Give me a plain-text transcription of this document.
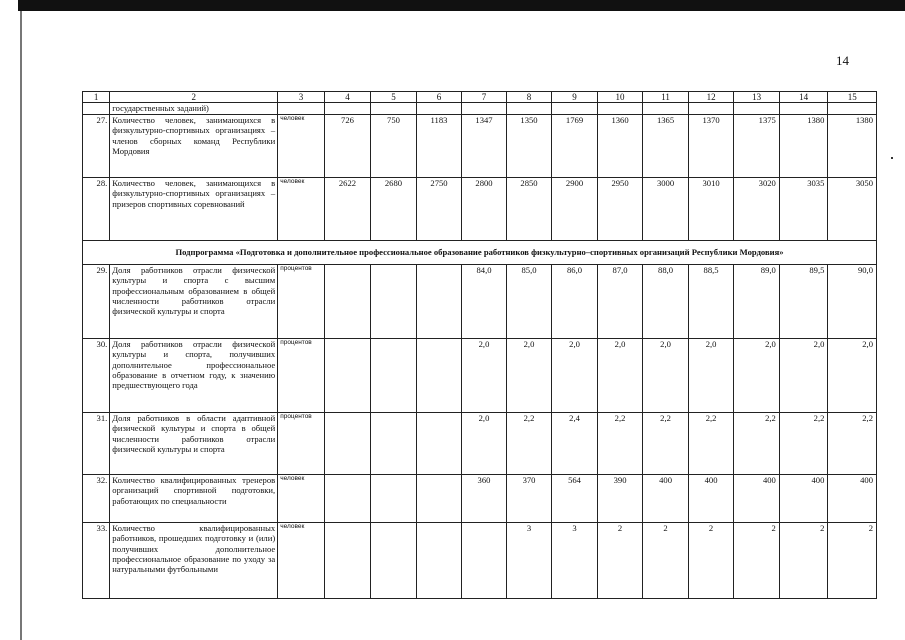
14
1	2	3	4	5	6	7	8	9	10	11	12	13	14	15
	государственных заданий)													
27.	Количество человек, занимающихся в физкультурно-спортивных организациях – членов сборных команд Республики Мордовия	человек	726	750	1183	1347	1350	1769	1360	1365	1370	1375	1380	1380
28.	Количество человек, занимающихся в физкультурно-спортивных организациях – призеров спортивных соревнований	человек	2622	2680	2750	2800	2850	2900	2950	3000	3010	3020	3035	3050
Подпрограмма «Подготовка и дополнительное профессиональное образование работников физкультурно–спортивных организаций Республики Мордовия»														
29.	Доля работников отрасли физической культуры и спорта с высшим профессиональным образованием в общей численности работников отрасли физической культуры и спорта	процентов				84,0	85,0	86,0	87,0	88,0	88,5	89,0	89,5	90,0
30.	Доля работников отрасли физической культуры и спорта, получивших дополнительное профессиональное образование в отчетном году, к значению предшествующего года	процентов				2,0	2,0	2,0	2,0	2,0	2,0	2,0	2,0	2,0
31.	Доля работников в области адаптивной физической культуры и спорта в общей численности работников отрасли физической культуры и спорта	процентов				2,0	2,2	2,4	2,2	2,2	2,2	2,2	2,2	2,2
32.	Количество квалифицированных тренеров организаций спортивной подготовки, работающих по специальности	человек				360	370	564	390	400	400	400	400	400
33.	Количество квалифицированных работников, прошедших подготовку и (или) получивших дополнительное профессиональное образование по уходу за натуральными футбольными	человек					3	3	2	2	2	2	2	2
